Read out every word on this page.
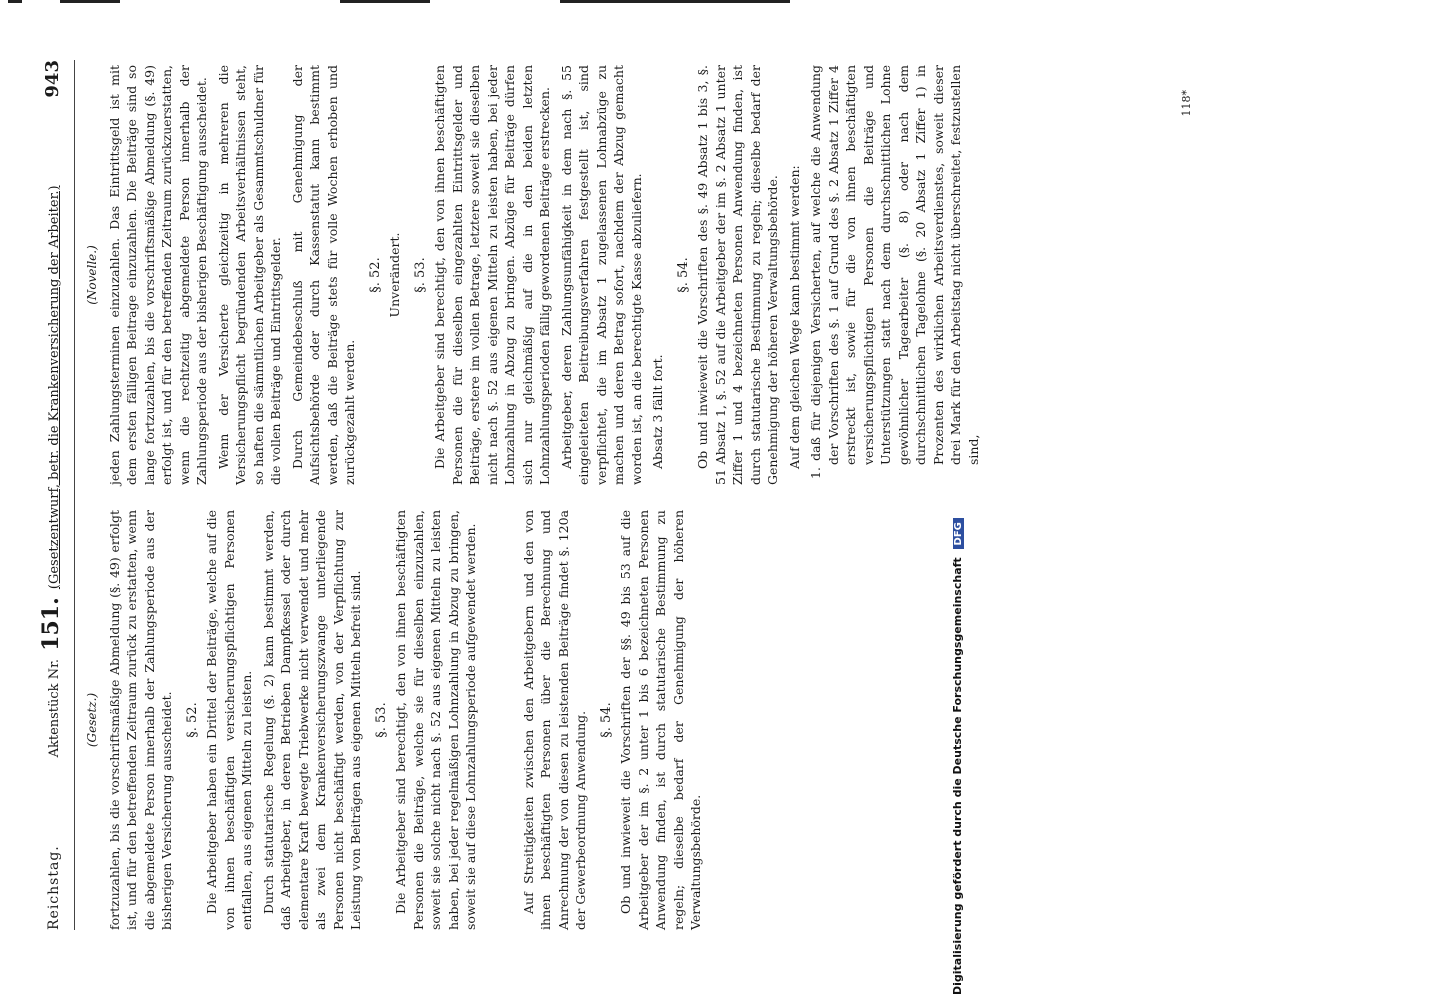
Reichstag.
Aktenstück Nr. 151. (Gesetzentwurf, betr. die Krankenversicherung der Arbeiter.)
943
(Gesetz.) fortzuzahlen, bis die vorschriftsmäßige Abmeldung (§. 49) erfolgt ist, und für den betreffenden Zeitraum zurück zu erstatten, wenn die abgemeldete Person innerhalb der Zahlungsperiode aus der bisherigen Versicherung ausscheidet. §. 52. Die Arbeitgeber haben ein Drittel der Beiträge, welche auf die von ihnen beschäftigten versicherungspflichtigen Personen entfallen, aus eigenen Mitteln zu leisten. Durch statutarische Regelung (§. 2) kann bestimmt werden, daß Arbeitgeber, in deren Betrieben Dampfkessel oder durch elementare Kraft bewegte Triebwerke nicht verwendet und mehr als zwei dem Krankenversicherungszwange unterliegende Personen nicht beschäftigt werden, von der Verpflichtung zur Leistung von Beiträgen aus eigenen Mitteln befreit sind. §. 53. Die Arbeitgeber sind berechtigt, den von ihnen beschäftigten Personen die Beiträge, welche sie für dieselben einzuzahlen, soweit sie solche nicht nach §. 52 aus eigenen Mitteln zu leisten haben, bei jeder regelmäßigen Lohnzahlung in Abzug zu bringen, soweit sie auf diese Lohnzahlungsperiode aufgewendet werden.	Auf Streitigkeiten zwischen den Arbeitgebern und den von ihnen beschäftigten Personen über die Berechnung und Anrechnung der von diesen zu leistenden Beiträge findet §. 120a der Gewerbeordnung Anwendung. §. 54. Ob und inwieweit die Vorschriften der §§. 49 bis 53 auf die Arbeitgeber der im §. 2 unter 1 bis 6 bezeichneten Personen Anwendung finden, ist durch statutarische Bestimmung zu regeln; dieselbe bedarf der Genehmigung der höheren Verwaltungsbehörde.

(Novelle.) jeden Zahlungsterminen einzuzahlen. Das Eintrittsgeld ist mit dem ersten fälligen Beitrage einzuzahlen. Die Beiträge sind so lange fortzuzahlen, bis die vorschriftsmäßige Abmeldung (§. 49) erfolgt ist, und für den betreffenden Zeitraum zurückzuerstatten, wenn die rechtzeitig abgemeldete Person innerhalb der Zahlungsperiode aus der bisherigen Beschäftigung ausscheidet. Wenn der Versicherte gleichzeitig in mehreren die Versicherungspflicht begründenden Arbeitsverhältnissen steht, so haften die sämmtlichen Arbeitgeber als Gesammtschuldner für die vollen Beiträge und Eintrittsgelder. Durch Gemeindebeschluß mit Genehmigung der Aufsichtsbehörde oder durch Kassenstatut kann bestimmt werden, daß die Beiträge stets für volle Wochen erhoben und zurückgezahlt werden.

§. 52. Unverändert. §. 53. Die Arbeitgeber sind berechtigt, den von ihnen beschäftigten Personen die für dieselben eingezahlten Eintrittsgelder und Beiträge, erstere im vollen Betrage, letztere soweit sie dieselben nicht nach §. 52 aus eigenen Mitteln zu leisten haben, bei jeder Lohnzahlung in Abzug zu bringen. Abzüge für Beiträge dürfen sich nur gleichmäßig auf die in den beiden letzten Lohnzahlungsperioden fällig gewordenen Beiträge erstrecken. Arbeitgeber, deren Zahlungsunfähigkeit in dem nach §. 55 eingeleiteten Beitreibungsverfahren festgestellt ist, sind verpflichtet, die im Absatz 1 zugelassenen Lohnabzüge zu machen und deren Betrag sofort, nachdem der Abzug gemacht worden ist, an die berechtigte Kasse abzuliefern. Absatz 3 fällt fort.

§. 54. Ob und inwieweit die Vorschriften des §. 49 Absatz 1 bis 3, §. 51 Absatz 1, §. 52 auf die Arbeitgeber der im §. 2 Absatz 1 unter Ziffer 1 und 4 bezeichneten Personen Anwendung finden, ist durch statutarische Bestimmung zu regeln; dieselbe bedarf der Genehmigung der höheren Verwaltungsbehörde. Auf dem gleichen Wege kann bestimmt werden: 1. daß für diejenigen Versicherten, auf welche die Anwendung der Vorschriften des §. 1 auf Grund des §. 2 Absatz 1 Ziffer 4 erstreckt ist, sowie für die von ihnen beschäftigten versicherungspflichtigen Personen die Beiträge und Unterstützungen statt nach dem durchschnittlichen Lohne gewöhnlicher Tagearbeiter (§. 8) oder nach dem durchschnittlichen Tagelohne (§. 20 Absatz 1 Ziffer 1) in Prozenten des wirklichen Arbeitsverdienstes, soweit dieser drei Mark für den Arbeitstag nicht überschreitet, festzustellen sind,

118*
Digitalisierung gefördert durch die Deutsche Forschungsgemeinschaft DFG
